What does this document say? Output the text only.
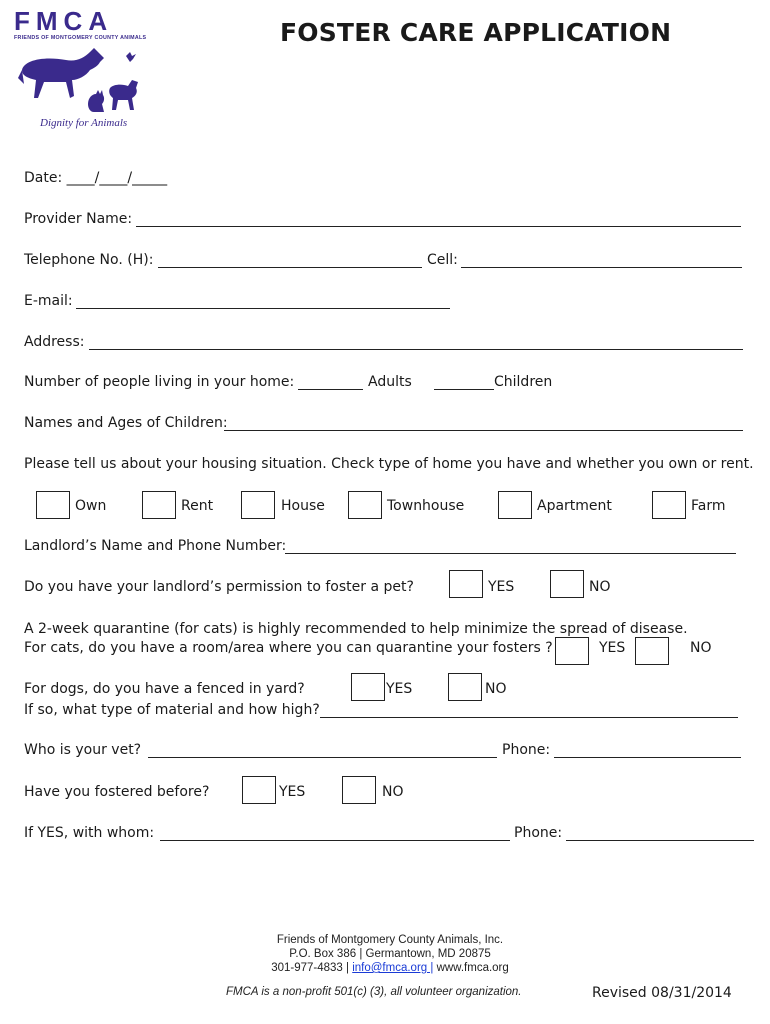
FMCA
FRIENDS OF MONTGOMERY COUNTY ANIMALS
Dignity for Animals
FOSTER CARE APPLICATION
Date: ____/____/_____
Provider Name:
Telephone No. (H):	Cell:
E-mail:
Address:
Number of people living in your home:	Adults	Children
Names and Ages of Children:
Please tell us about your housing situation. Check type of home you have and whether you own or rent.
Own	Rent	House	Townhouse	Apartment	Farm
Landlord’s Name and Phone Number:
Do you have your landlord’s permission to foster a pet?	YES	NO
A 2-week quarantine (for cats) is highly recommended to help minimize the spread of disease.
For cats, do you have a room/area where you can quarantine your fosters ?	YES	NO
For dogs, do you have a fenced in yard?	YES	NO
If so, what type of material and how high?
Who is your vet?	Phone:
Have you fostered before?	YES	NO
If YES, with whom:	Phone:
Friends of Montgomery County Animals, Inc.
P.O. Box 386 | Germantown, MD 20875
301-977-4833 | info@fmca.org | www.fmca.org
FMCA is a non-profit 501(c) (3), all volunteer organization.	Revised 08/31/2014
